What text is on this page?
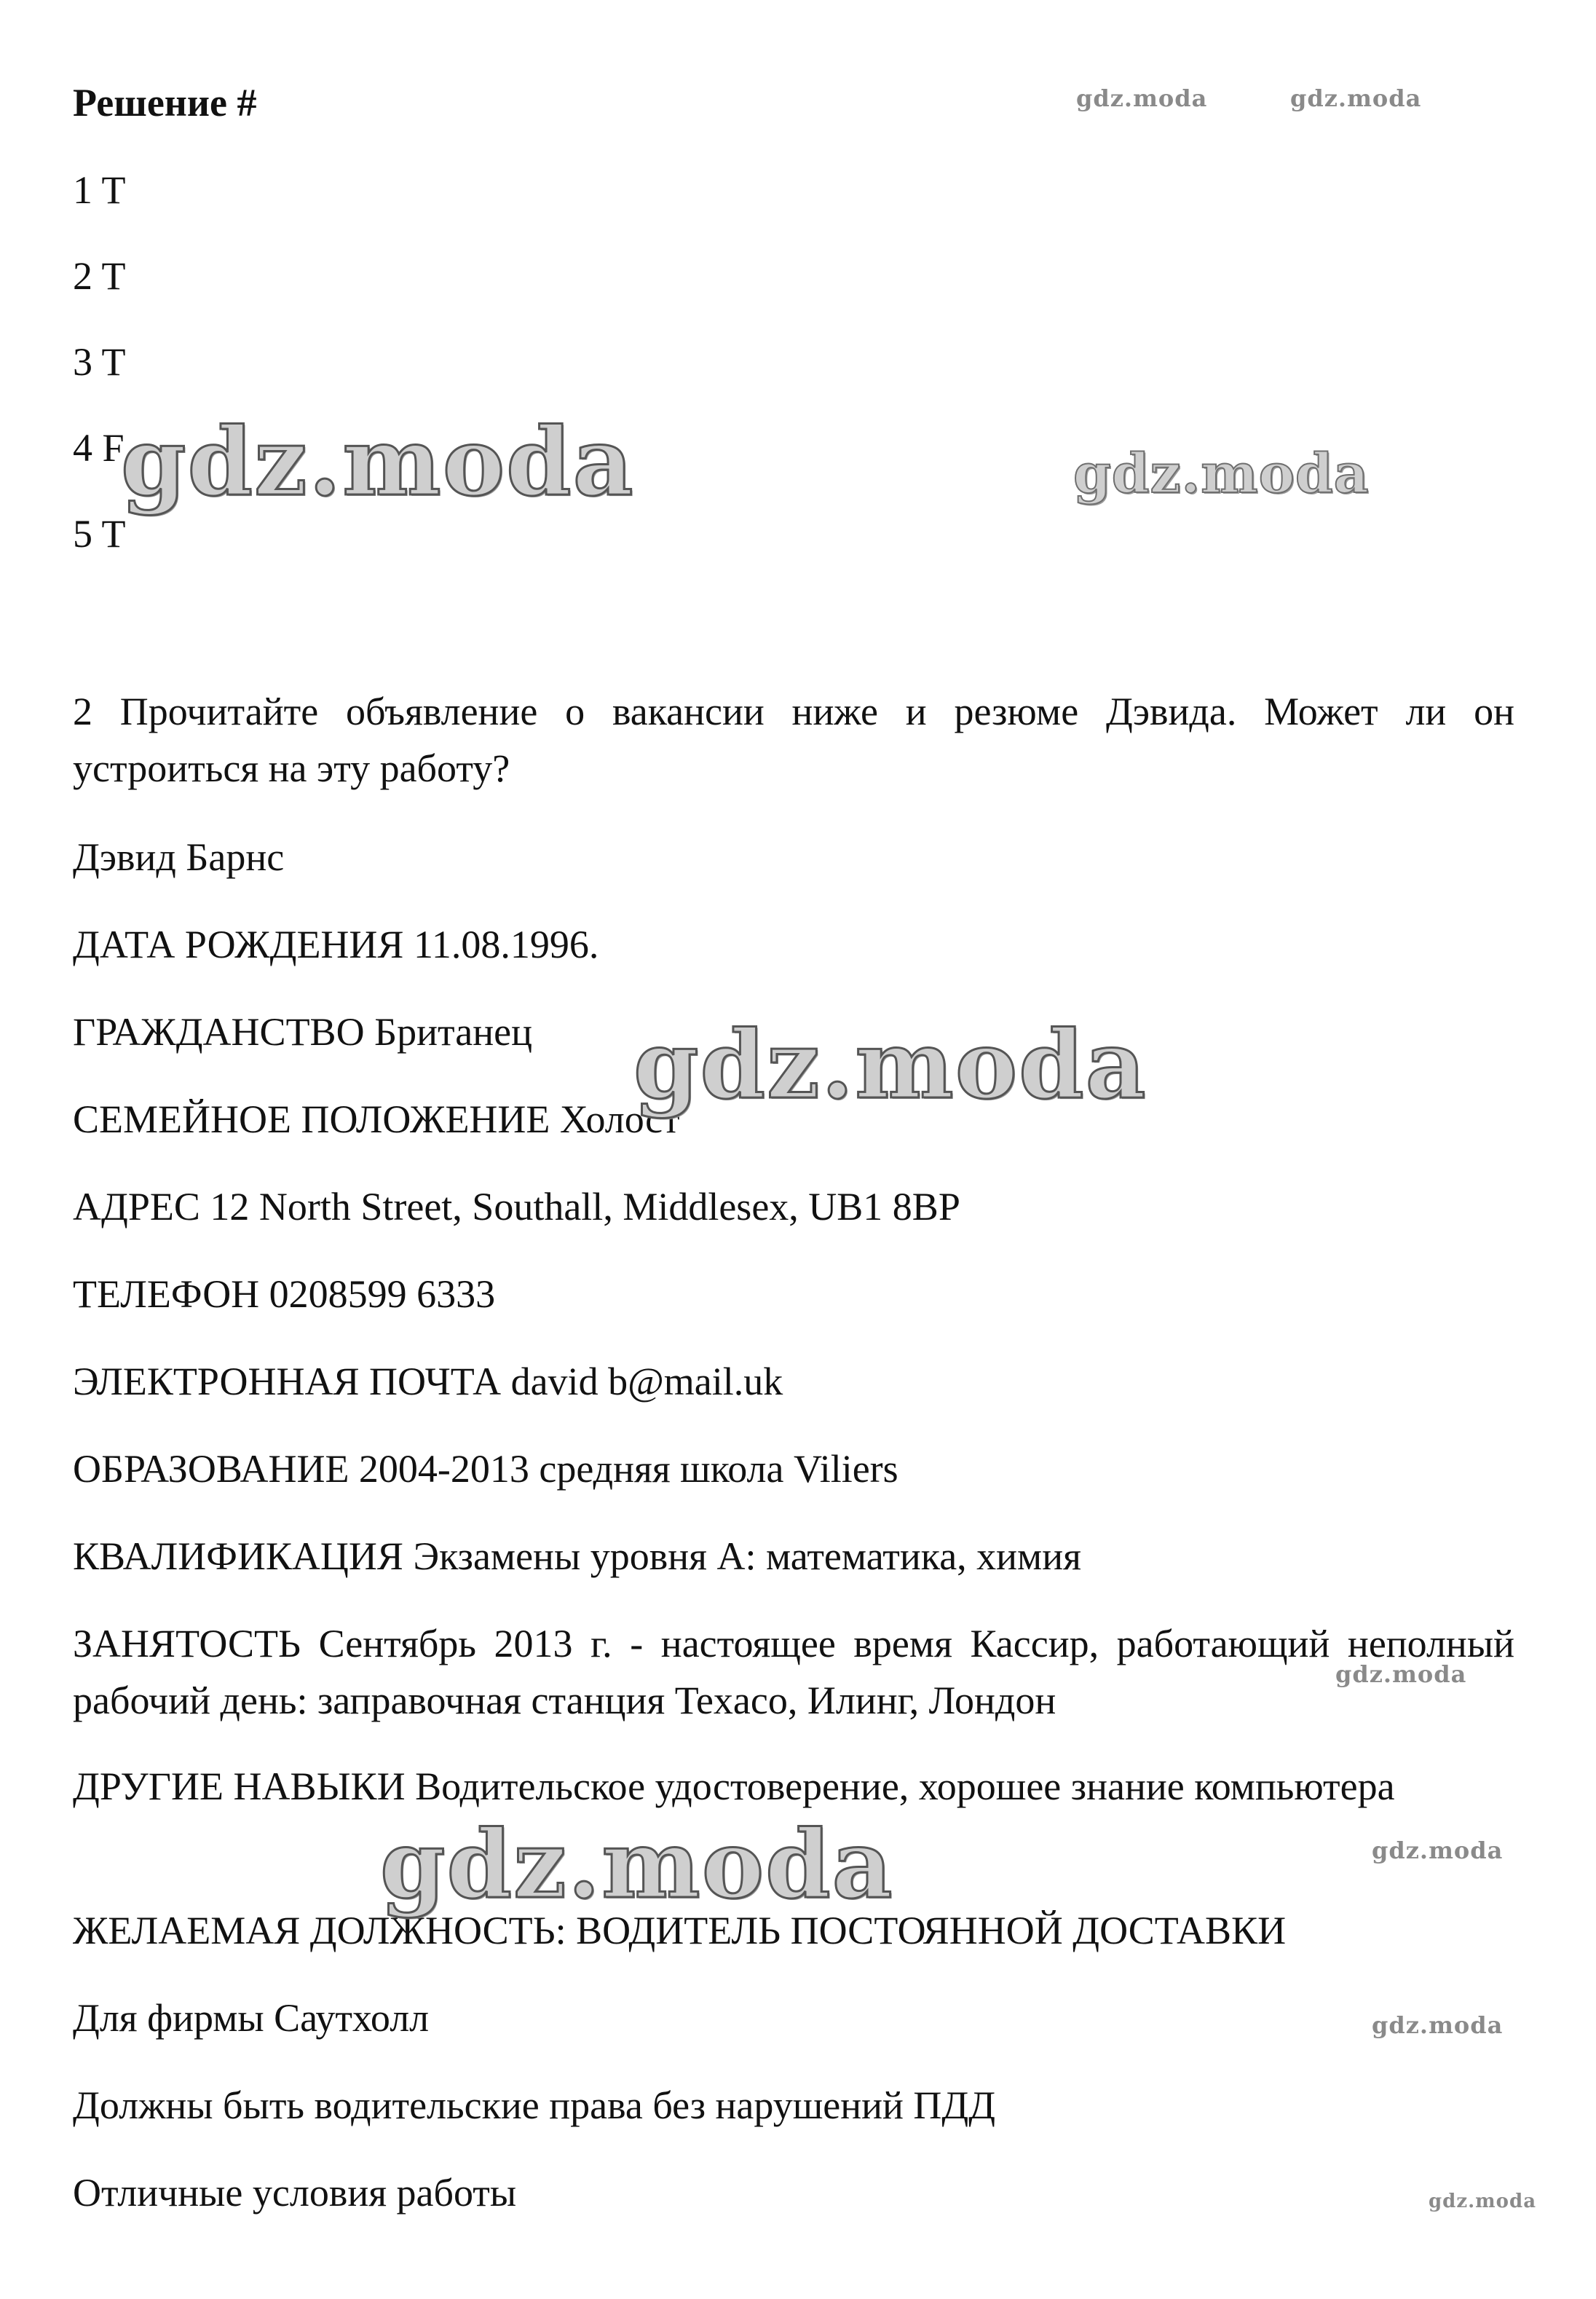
Решение #
1 T
2 T
3 T
4 F
5 T
2 Прочитайте объявление о вакансии ниже и резюме Дэвида. Может ли он устроиться на эту работу?
Дэвид Барнс
ДАТА РОЖДЕНИЯ 11.08.1996.
ГРАЖДАНСТВО Британец
СЕМЕЙНОЕ ПОЛОЖЕНИЕ Холост
АДРЕС 12 North Street, Southall, Middlesex, UB1 8BP
ТЕЛЕФОН 0208599 6333
ЭЛЕКТРОННАЯ ПОЧТА david b@mail.uk
ОБРАЗОВАНИЕ 2004-2013 средняя школа Viliers
КВАЛИФИКАЦИЯ Экзамены уровня А: математика, химия
ЗАНЯТОСТЬ Сентябрь 2013 г. - настоящее время Кассир, работающий неполный рабочий день: заправочная станция Texaco, Илинг, Лондон
ДРУГИЕ НАВЫКИ Водительское удостоверение, хорошее знание компьютера
ЖЕЛАЕМАЯ ДОЛЖНОСТЬ: ВОДИТЕЛЬ ПОСТОЯННОЙ ДОСТАВКИ
Для фирмы Саутхолл
Должны быть водительские права без нарушений ПДД
Отличные условия работы
gdz.moda	gdz.moda
gdz.moda	gdz.moda
gdz.moda
gdz.moda
gdz.moda	gdz.moda
gdz.moda
gdz.moda
